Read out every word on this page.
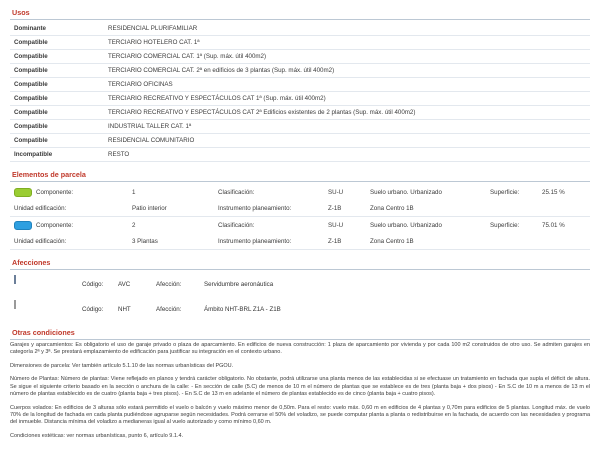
Usos
Dominante	RESIDENCIAL PLURIFAMILIAR
Compatible	TERCIARIO HOTELERO CAT. 1ª
Compatible	TERCIARIO COMERCIAL CAT. 1ª (Sup. máx. útil 400m2)
Compatible	TERCIARIO COMERCIAL CAT. 2ª en edificios de 3 plantas (Sup. máx. útil 400m2)
Compatible	TERCIARIO OFICINAS
Compatible	TERCIARIO RECREATIVO Y ESPECTÁCULOS CAT 1ª (Sup. máx. útil 400m2)
Compatible	TERCIARIO RECREATIVO Y ESPECTÁCULOS CAT 2ª Edificios existentes de 2 plantas (Sup. máx. útil 400m2)
Compatible	INDUSTRIAL TALLER CAT. 1ª
Compatible	RESIDENCIAL COMUNITARIO
Incompatible	RESTO
Elementos de parcela
Componente:	1	Clasificación:	SU-U	Suelo urbano. Urbanizado	Superficie:	25.15 %
Unidad edificación:	Patio interior	Instrumento planeamiento:	Z-1B	Zona Centro 1B		
Componente:	2	Clasificación:	SU-U	Suelo urbano. Urbanizado	Superficie:	75.01 %
Unidad edificación:	3 Plantas	Instrumento planeamiento:	Z-1B	Zona Centro 1B		
Afecciones
	Código:	AVC	Afección:	Servidumbre aeronáutica
	Código:	NHT	Afección:	Ámbito NHT-BRL Z1A - Z1B
Otras condiciones

Garajes y aparcamientos: Es obligatorio el uso de garaje privado o plaza de aparcamiento. En edificios de nueva construcción: 1 plaza de aparcamiento por vivienda y por cada 100 m2 construidos de otro uso. Se admiten garajes en categoría 2ª y 3ª. Se prestará emplazamiento de edificación para justificar su integración en el contexto urbano.

Dimensiones de parcela: Ver también artículo 5.1.10 de las normas urbanísticas del PGOU.

Número de Plantas: Número de plantas: Viene reflejado en planos y tendrá carácter obligatorio. No obstante, podrá utilizarse una planta menos de las establecidas si se efectuase un tratamiento en fachada que supla el déficit de altura. Se sigue el siguiente criterio basado en la sección o anchura de la calle: - En sección de calle (5.C) de menos de 10 m el número de plantas que se establece es de tres (planta baja + dos pisos) - En S.C de 10 m a menos de 13 m el número de plantas establecido es de cuatro (planta baja + tres pisos). - En S.C de 13 m en adelante el número de plantas establecido es de cinco (planta baja + cuatro pisos).

Cuerpos volados: En edificios de 3 alturas sólo estará permitido el vuelo o balcón y vuelo máximo menor de 0,50m. Para el resto: vuelo máx. 0,60 m en edificios de 4 plantas y 0,70m para edificios de 5 plantas. Longitud máx. de vuelo 70% de la longitud de fachada en cada planta pudiéndose agruparse según necesidades. Podrá cerrarse el 50% del voladizo, se puede computar planta a planta o redistribuirse en la fachada, de acuerdo con las necesidades y programa del inmueble. Distancia mínima del voladizo a medianeras igual al vuelo autorizado y como mínimo 0,60 m.

Condiciones estéticas: ver normas urbanísticas, punto 6, artículo 9.1.4.
